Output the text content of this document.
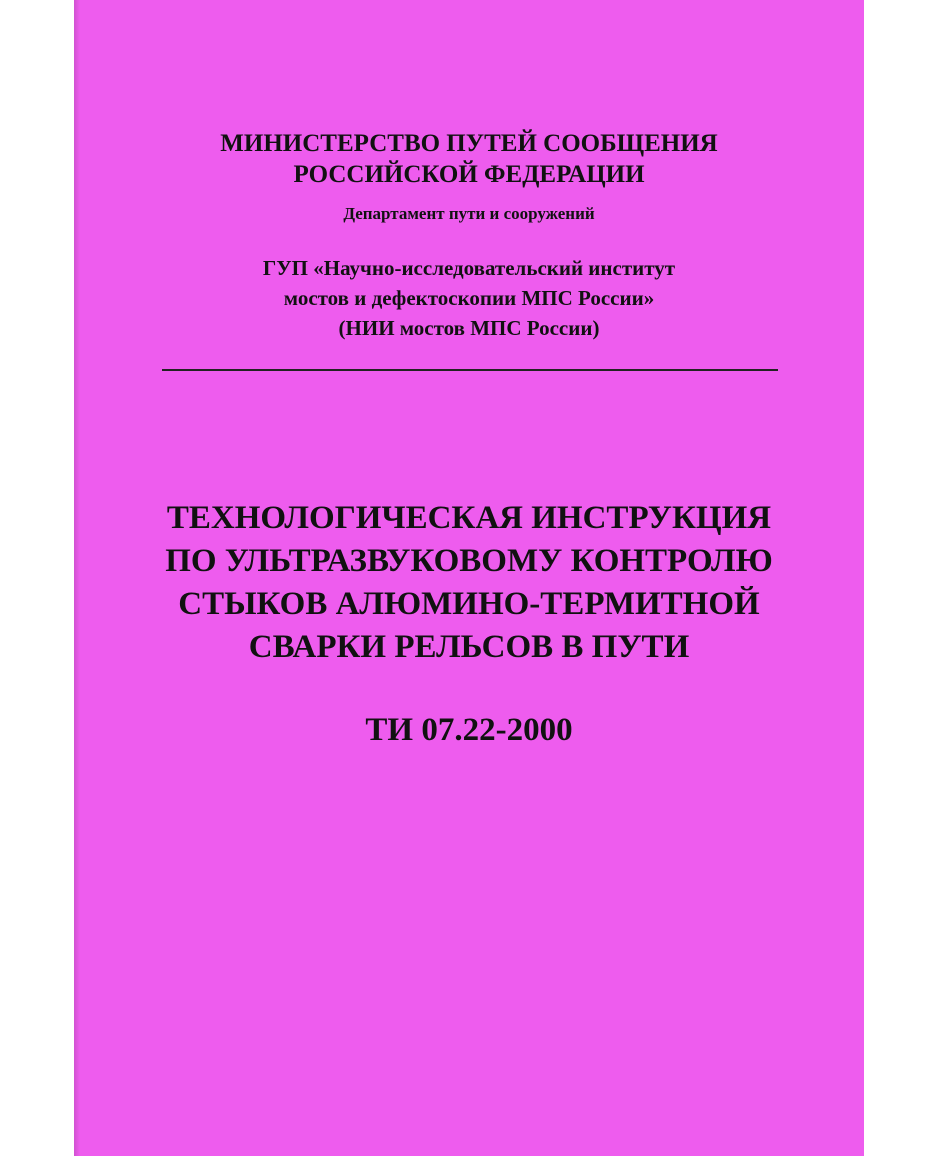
МИНИСТЕРСТВО ПУТЕЙ СООБЩЕНИЯ
РОССИЙСКОЙ ФЕДЕРАЦИИ
Департамент пути и сооружений
ГУП «Научно-исследовательский институт
мостов и дефектоскопии МПС России»
(НИИ мостов МПС России)
ТЕХНОЛОГИЧЕСКАЯ ИНСТРУКЦИЯ
ПО УЛЬТРАЗВУКОВОМУ КОНТРОЛЮ
СТЫКОВ АЛЮМИНО-ТЕРМИТНОЙ
СВАРКИ РЕЛЬСОВ В ПУТИ
ТИ 07.22-2000
